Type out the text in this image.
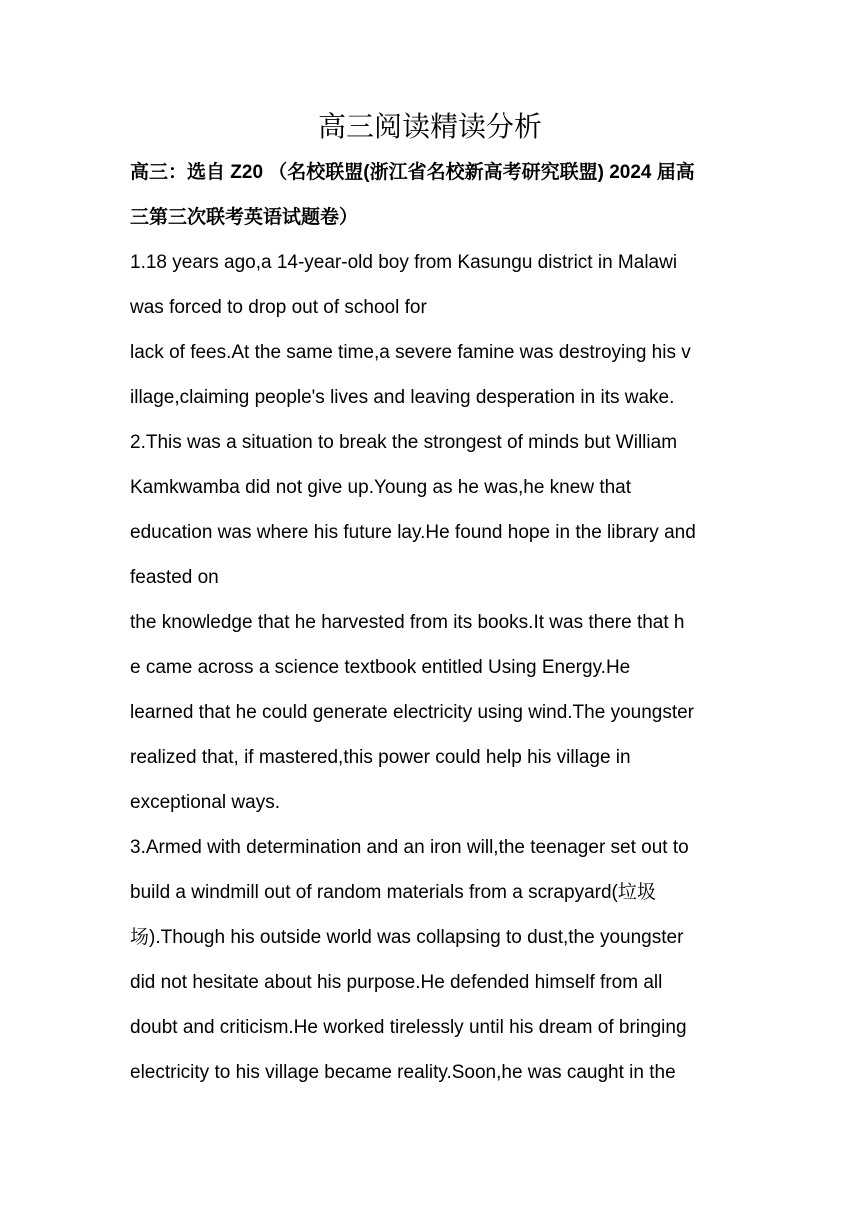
高三阅读精读分析
高三：选自 Z20 （名校联盟(浙江省名校新高考研究联盟) 2024 届高
三第三次联考英语试题卷）
1.18 years ago,a 14-year-old boy from Kasungu district in Malawi
was forced to drop out of school for
lack of fees.At the same time,a severe famine was destroying his v
illage,claiming people's lives and leaving desperation in its wake.
2.This was a situation to break the strongest of minds but William
Kamkwamba did not give up.Young as he was,he knew that
education was where his future lay.He found hope in the library and
feasted on
the knowledge that he harvested from its books.It was there that h
e came across a science textbook entitled Using Energy.He
learned that he could generate electricity using wind.The youngster
realized that, if mastered,this power could help his village in
exceptional ways.
3.Armed with determination and an iron will,the teenager set out to
build a windmill out of random materials from a scrapyard(垃圾
场).Though his outside world was collapsing to dust,the youngster
did not hesitate about his purpose.He defended himself from all
doubt and criticism.He worked tirelessly until his dream of bringing
electricity to his village became reality.Soon,he was caught in the
